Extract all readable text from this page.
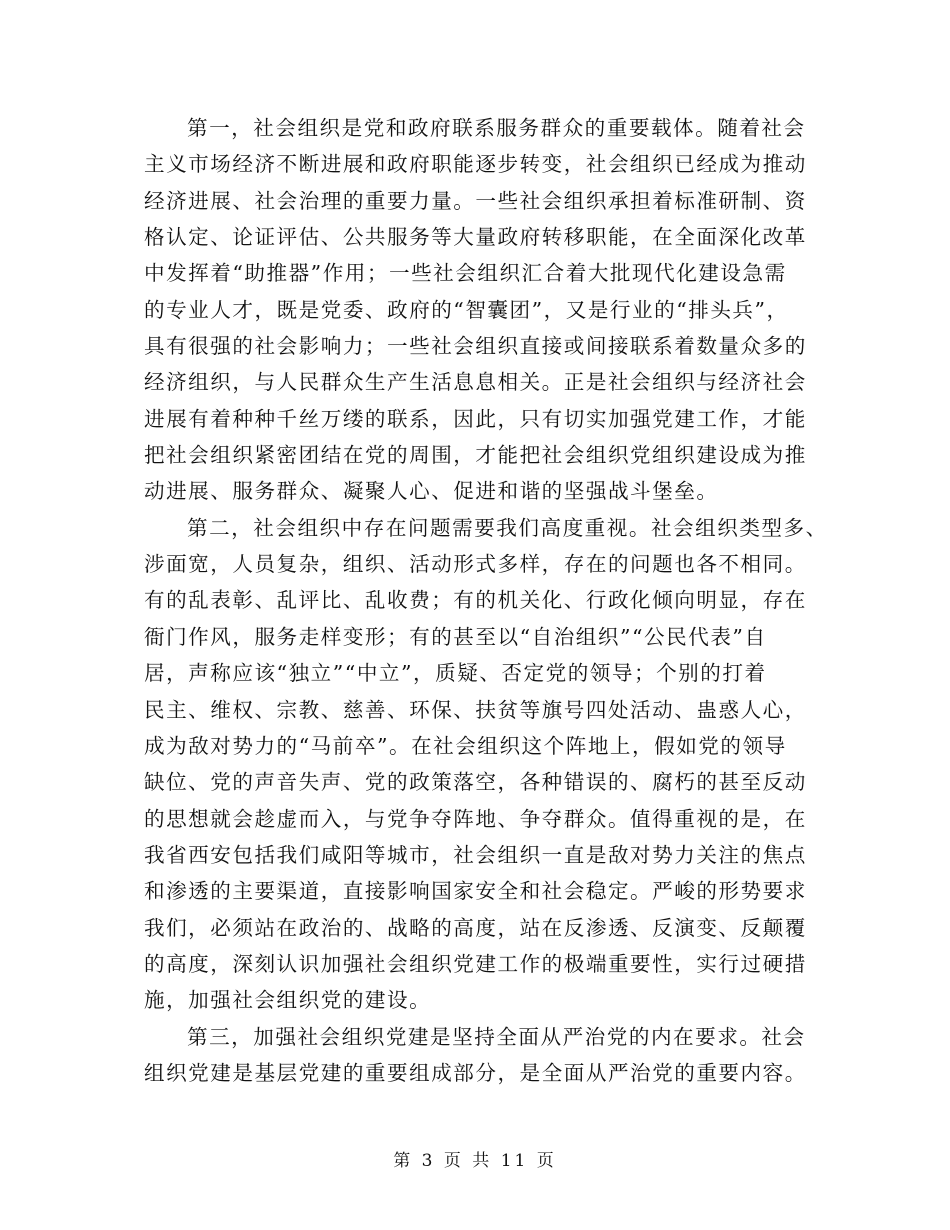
第一，社会组织是党和政府联系服务群众的重要载体。随着社会
主义市场经济不断进展和政府职能逐步转变，社会组织已经成为推动
经济进展、社会治理的重要力量。一些社会组织承担着标准研制、资
格认定、论证评估、公共服务等大量政府转移职能，在全面深化改革
中发挥着“助推器”作用；一些社会组织汇合着大批现代化建设急需
的专业人才，既是党委、政府的“智囊团”，又是行业的“排头兵”，
具有很强的社会影响力；一些社会组织直接或间接联系着数量众多的
经济组织，与人民群众生产生活息息相关。正是社会组织与经济社会
进展有着种种千丝万缕的联系，因此，只有切实加强党建工作，才能
把社会组织紧密团结在党的周围，才能把社会组织党组织建设成为推
动进展、服务群众、凝聚人心、促进和谐的坚强战斗堡垒。
第二，社会组织中存在问题需要我们高度重视。社会组织类型多、
涉面宽，人员复杂，组织、活动形式多样，存在的问题也各不相同。
有的乱表彰、乱评比、乱收费；有的机关化、行政化倾向明显，存在
衙门作风，服务走样变形；有的甚至以“自治组织”“公民代表”自
居，声称应该“独立”“中立”，质疑、否定党的领导；个别的打着
民主、维权、宗教、慈善、环保、扶贫等旗号四处活动、蛊惑人心，
成为敌对势力的“马前卒”。在社会组织这个阵地上，假如党的领导
缺位、党的声音失声、党的政策落空，各种错误的、腐朽的甚至反动
的思想就会趁虚而入，与党争夺阵地、争夺群众。值得重视的是，在
我省西安包括我们咸阳等城市，社会组织一直是敌对势力关注的焦点
和渗透的主要渠道，直接影响国家安全和社会稳定。严峻的形势要求
我们，必须站在政治的、战略的高度，站在反渗透、反演变、反颠覆
的高度，深刻认识加强社会组织党建工作的极端重要性，实行过硬措
施，加强社会组织党的建设。
第三，加强社会组织党建是坚持全面从严治党的内在要求。社会
组织党建是基层党建的重要组成部分，是全面从严治党的重要内容。
第 3 页 共 11 页
